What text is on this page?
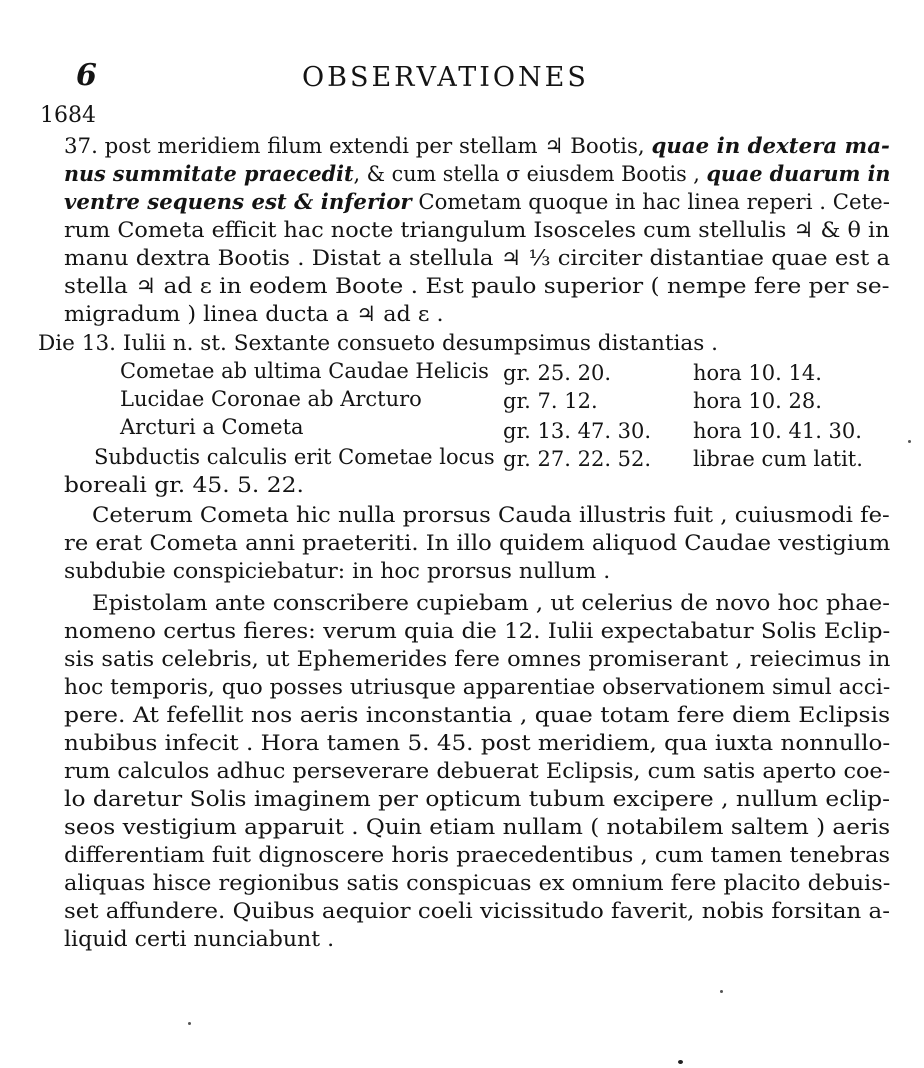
6	OBSERVATIONES
1684
37. post meridiem filum extendi per stellam ♃ Bootis, quae in dextera ma-
nus summitate praecedit, & cum stella σ eiusdem Bootis , quae duarum in
ventre sequens est & inferior Cometam quoque in hac linea reperi . Cete-
rum Cometa efficit hac nocte triangulum Isosceles cum stellulis ♃ & θ in
manu dextra Bootis . Distat a stellula ♃ ⅓ circiter distantiae quae est a
stella ♃ ad ε in eodem Boote . Est paulo superior ( nempe fere per se-
migradum ) linea ducta a ♃ ad ε .
Die 13. Iulii n. st. Sextante consueto desumpsimus distantias .
Cometae ab ultima Caudae Helicis gr. 25. 20.	hora 10. 14.
Lucidae Coronae ab Arcturo	gr. 7. 12.	hora 10. 28.
Arcturi a Cometa	gr. 13. 47. 30. hora 10. 41. 30.
Subductis calculis erit Cometae locus gr. 27. 22. 52. librae cum latit.
boreali gr. 45. 5. 22.
Ceterum Cometa hic nulla prorsus Cauda illustris fuit , cuiusmodi fe-
re erat Cometa anni praeteriti. In illo quidem aliquod Caudae vestigium
subdubie conspiciebatur: in hoc prorsus nullum .
Epistolam ante conscribere cupiebam , ut celerius de novo hoc phae-
nomeno certus fieres: verum quia die 12. Iulii expectabatur Solis Eclip-
sis satis celebris, ut Ephemerides fere omnes promiserant , reiecimus in
hoc temporis, quo posses utriusque apparentiae observationem simul acci-
pere. At fefellit nos aeris inconstantia , quae totam fere diem Eclipsis
nubibus infecit . Hora tamen 5. 45. post meridiem, qua iuxta nonnullo-
rum calculos adhuc perseverare debuerat Eclipsis, cum satis aperto coe-
lo daretur Solis imaginem per opticum tubum excipere , nullum eclip-
seos vestigium apparuit . Quin etiam nullam ( notabilem saltem ) aeris
differentiam fuit dignoscere horis praecedentibus , cum tamen tenebras
aliquas hisce regionibus satis conspicuas ex omnium fere placito debuis-
set affundere. Quibus aequior coeli vicissitudo faverit, nobis forsitan a-
liquid certi nunciabunt .
